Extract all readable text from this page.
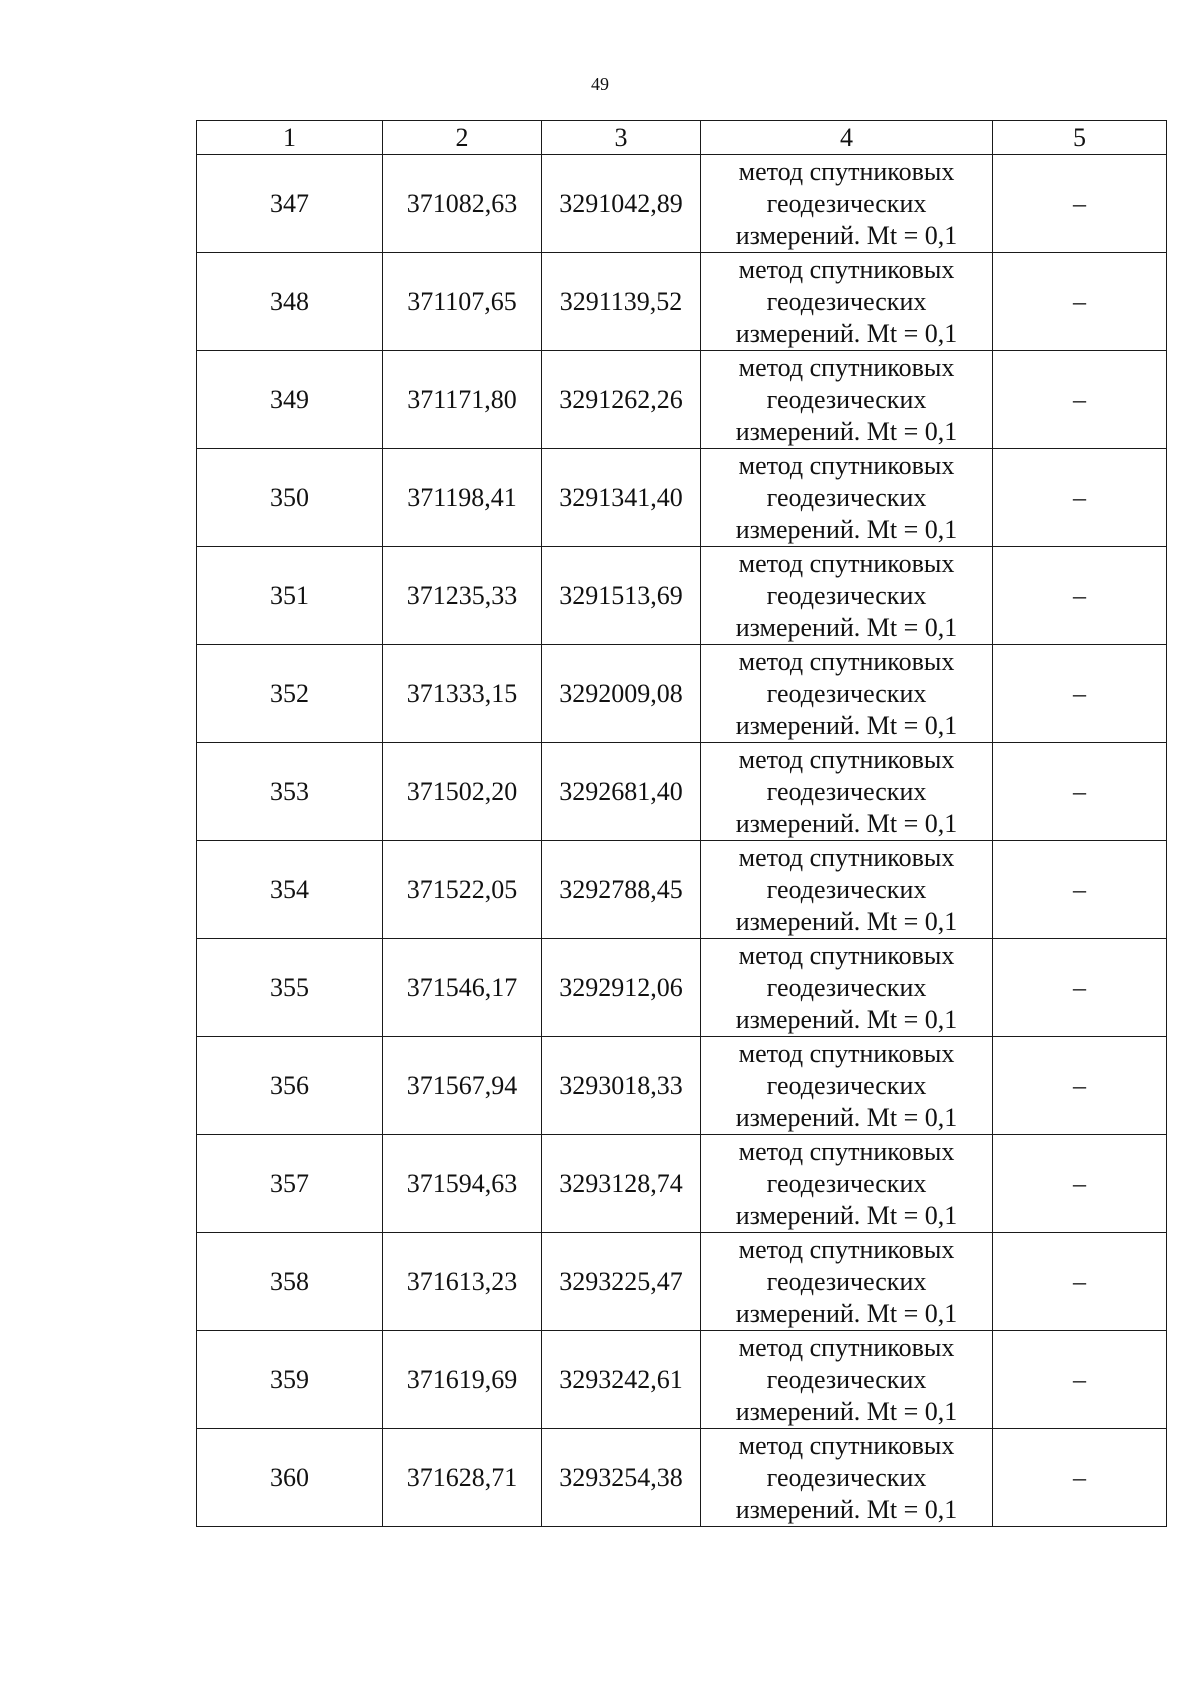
49
1	2	3	4	5
347	371082,63	3291042,89	метод спутниковых
геодезических
измерений. Mt = 0,1	–
348	371107,65	3291139,52	метод спутниковых
геодезических
измерений. Mt = 0,1	–
349	371171,80	3291262,26	метод спутниковых
геодезических
измерений. Mt = 0,1	–
350	371198,41	3291341,40	метод спутниковых
геодезических
измерений. Mt = 0,1	–
351	371235,33	3291513,69	метод спутниковых
геодезических
измерений. Mt = 0,1	–
352	371333,15	3292009,08	метод спутниковых
геодезических
измерений. Mt = 0,1	–
353	371502,20	3292681,40	метод спутниковых
геодезических
измерений. Mt = 0,1	–
354	371522,05	3292788,45	метод спутниковых
геодезических
измерений. Mt = 0,1	–
355	371546,17	3292912,06	метод спутниковых
геодезических
измерений. Mt = 0,1	–
356	371567,94	3293018,33	метод спутниковых
геодезических
измерений. Mt = 0,1	–
357	371594,63	3293128,74	метод спутниковых
геодезических
измерений. Mt = 0,1	–
358	371613,23	3293225,47	метод спутниковых
геодезических
измерений. Mt = 0,1	–
359	371619,69	3293242,61	метод спутниковых
геодезических
измерений. Mt = 0,1	–
360	371628,71	3293254,38	метод спутниковых
геодезических
измерений. Mt = 0,1	–
